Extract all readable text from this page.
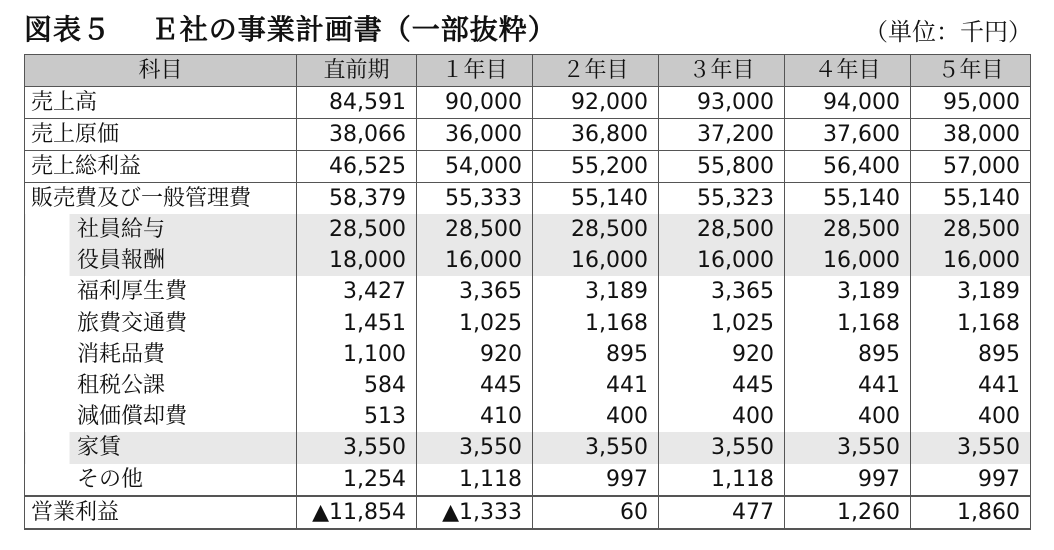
図表５　 Ｅ社の事業計画書（一部抜粋）	（単位：千円）
科目	直前期	１年目	２年目	３年目	４年目	５年目
売上高	84,591	90,000	92,000	93,000	94,000	95,000
売上原価	38,066	36,000	36,800	37,200	37,600	38,000
売上総利益	46,525	54,000	55,200	55,800	56,400	57,000
販売費及び一般管理費	58,379	55,333	55,140	55,323	55,140	55,140
社員給与	28,500	28,500	28,500	28,500	28,500	28,500
役員報酬	18,000	16,000	16,000	16,000	16,000	16,000
福利厚生費	3,427	3,365	3,189	3,365	3,189	3,189
旅費交通費	1,451	1,025	1,168	1,025	1,168	1,168
消耗品費	1,100	920	895	920	895	895
租税公課	584	445	441	445	441	441
減価償却費	513	410	400	400	400	400
家賃	3,550	3,550	3,550	3,550	3,550	3,550
その他	1,254	1,118	997	1,118	997	997
営業利益	▲11,854	▲1,333	60	477	1,260	1,860
